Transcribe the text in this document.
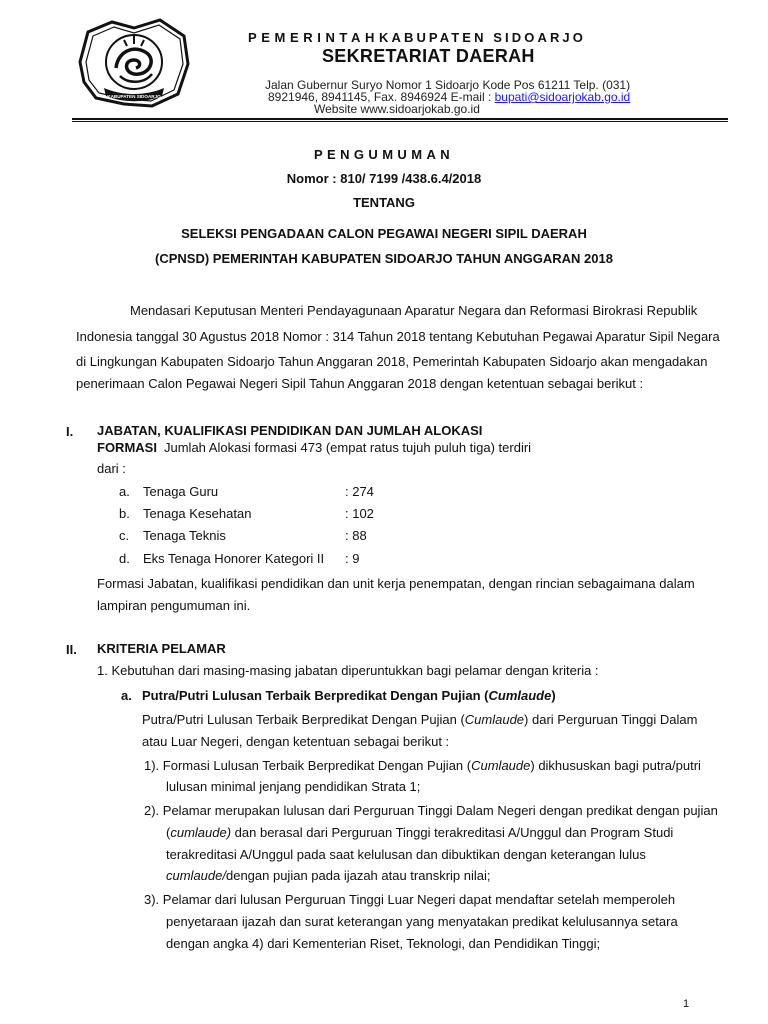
KABUPATEN SIDOARJO
PEMERINTAHKABUPATEN SIDOARJO
SEKRETARIAT DAERAH
Jalan Gubernur Suryo Nomor 1 Sidoarjo Kode Pos 61211 Telp. (031)
8921946, 8941145, Fax. 8946924 E-mail : bupati@sidoarjokab.go.id
Website www.sidoarjokab.go.id
PENGUMUMAN
Nomor : 810/ 7199 /438.6.4/2018
TENTANG
SELEKSI PENGADAAN CALON PEGAWAI NEGERI SIPIL DAERAH
(CPNSD) PEMERINTAH KABUPATEN SIDOARJO TAHUN ANGGARAN 2018
Mendasari Keputusan Menteri Pendayagunaan Aparatur Negara dan Reformasi Birokrasi Republik
Indonesia tanggal 30 Agustus 2018 Nomor : 314 Tahun 2018 tentang Kebutuhan Pegawai Aparatur Sipil Negara
di Lingkungan Kabupaten Sidoarjo Tahun Anggaran 2018, Pemerintah Kabupaten Sidoarjo akan mengadakan
penerimaan Calon Pegawai Negeri Sipil Tahun Anggaran 2018 dengan ketentuan sebagai berikut :
I. JABATAN, KUALIFIKASI PENDIDIKAN DAN JUMLAH ALOKASI
FORMASI Jumlah Alokasi formasi 473 (empat ratus tujuh puluh tiga) terdiri
dari :
a. Tenaga Guru	: 274
b. Tenaga Kesehatan	: 102
c. Tenaga Teknis	: 88
d. Eks Tenaga Honorer Kategori II : 9
Formasi Jabatan, kualifikasi pendidikan dan unit kerja penempatan, dengan rincian sebagaimana dalam
lampiran pengumuman ini.
II. KRITERIA PELAMAR
1. Kebutuhan dari masing-masing jabatan diperuntukkan bagi pelamar dengan kriteria :
a. Putra/Putri Lulusan Terbaik Berpredikat Dengan Pujian (Cumlaude)
Putra/Putri Lulusan Terbaik Berpredikat Dengan Pujian (Cumlaude) dari Perguruan Tinggi Dalam
atau Luar Negeri, dengan ketentuan sebagai berikut :
1). Formasi Lulusan Terbaik Berpredikat Dengan Pujian (Cumlaude) dikhususkan bagi putra/putri
lulusan minimal jenjang pendidikan Strata 1;
2). Pelamar merupakan lulusan dari Perguruan Tinggi Dalam Negeri dengan predikat dengan pujian
(cumlaude) dan berasal dari Perguruan Tinggi terakreditasi A/Unggul dan Program Studi
terakreditasi A/Unggul pada saat kelulusan dan dibuktikan dengan keterangan lulus
cumlaude/dengan pujian pada ijazah atau transkrip nilai;
3). Pelamar dari lulusan Perguruan Tinggi Luar Negeri dapat mendaftar setelah memperoleh
penyetaraan ijazah dan surat keterangan yang menyatakan predikat kelulusannya setara
dengan angka 4) dari Kementerian Riset, Teknologi, dan Pendidikan Tinggi;
1
